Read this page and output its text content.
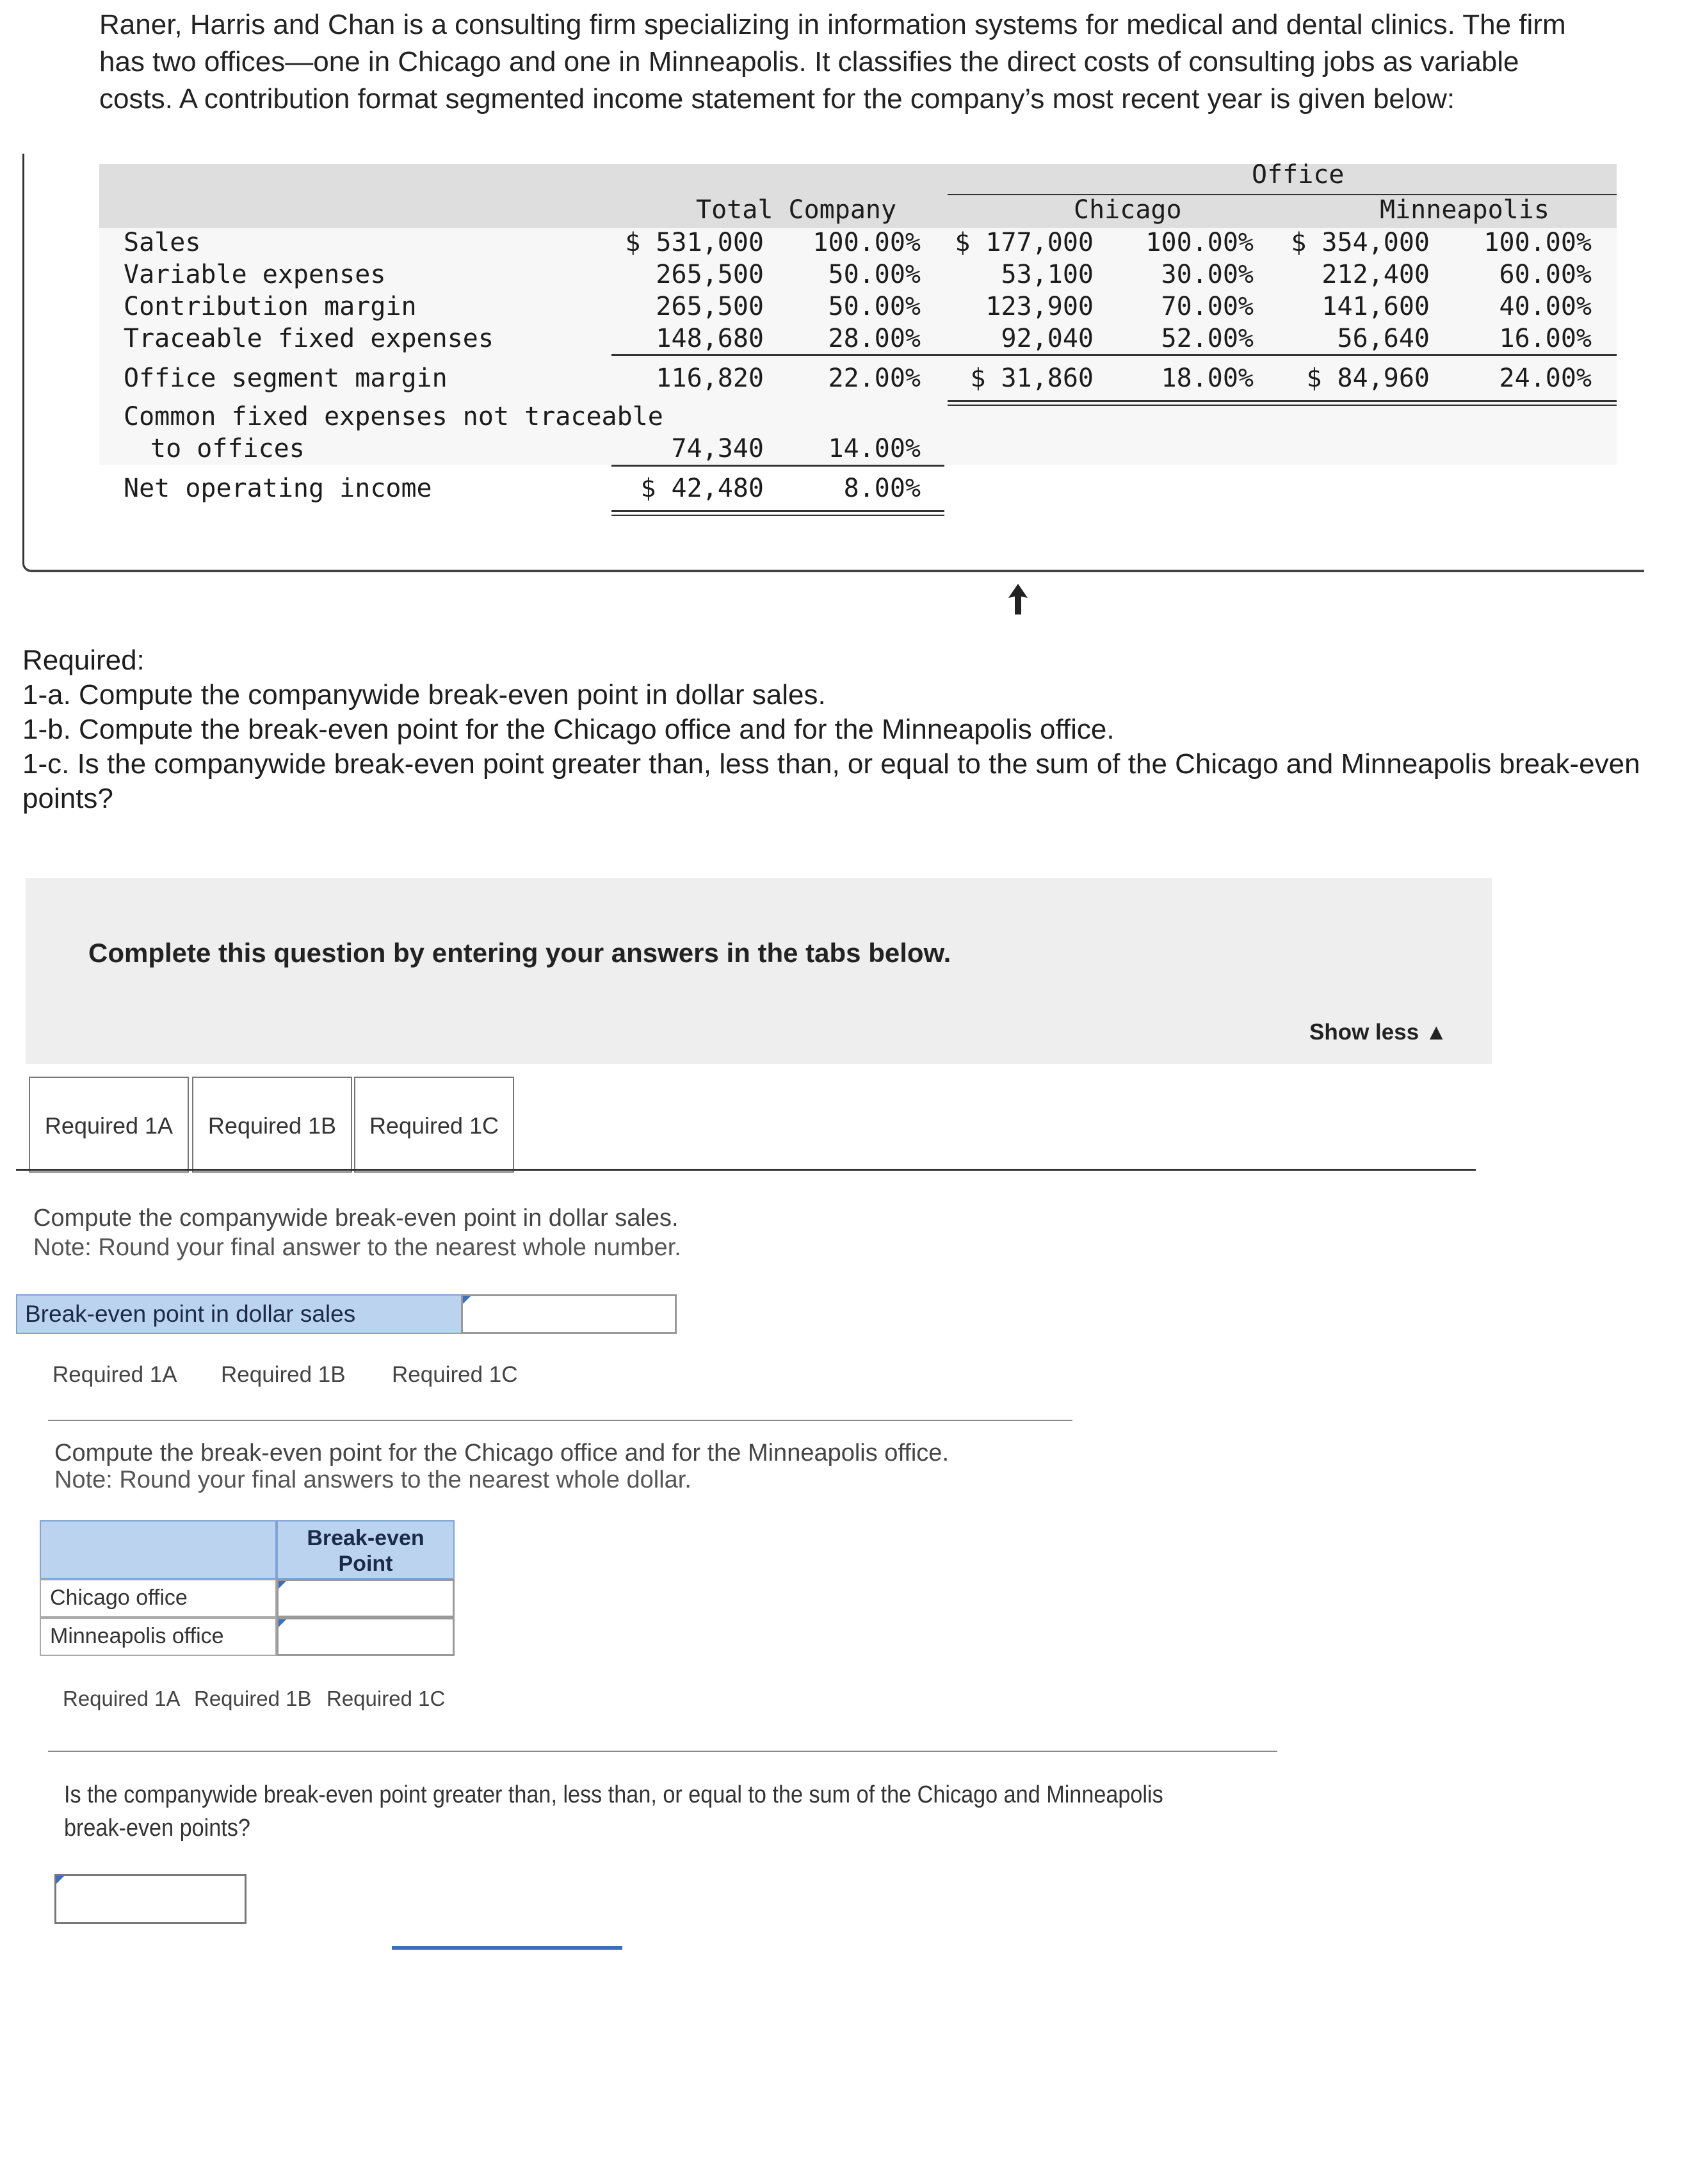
Raner, Harris and Chan is a consulting firm specializing in information systems for medical and dental clinics. The firm has two offices—one in Chicago and one in Minneapolis. It classifies the direct costs of consulting jobs as variable costs. A contribution format segmented income statement for the company’s most recent year is given below:
Office
Total Company	Chicago	Minneapolis
Sales	$ 531,000 100.00% $ 177,000 100.00% $ 354,000 100.00%
Variable expenses	265,500	50.00%	53,100	30.00%	212,400	60.00%
Contribution margin	265,500	50.00%	123,900	70.00%	141,600	40.00%
Traceable fixed expenses	148,680	28.00%	92,040	52.00%	56,640	16.00%
Office segment margin	116,820	22.00% $ 31,860	18.00% $ 84,960	24.00%
Common fixed expenses not traceable
to offices	74,340	14.00%
Net operating income	$ 42,480	8.00%
Required:
1-a. Compute the companywide break-even point in dollar sales.
1-b. Compute the break-even point for the Chicago office and for the Minneapolis office.
1-c. Is the companywide break-even point greater than, less than, or equal to the sum of the Chicago and Minneapolis break-even points?
Complete this question by entering your answers in the tabs below.
Show less ▲
Required 1A	Required 1B	Required 1C
Compute the companywide break-even point in dollar sales.
Note: Round your final answer to the nearest whole number.
Break-even point in dollar sales
Required 1A Required 1B Required 1C
Compute the break-even point for the Chicago office and for the Minneapolis office.
Note: Round your final answers to the nearest whole dollar.
Break-even
Point
Chicago office
Minneapolis office
Required 1A Required 1B Required 1C
Is the companywide break-even point greater than, less than, or equal to the sum of the Chicago and Minneapolis break-even points?
